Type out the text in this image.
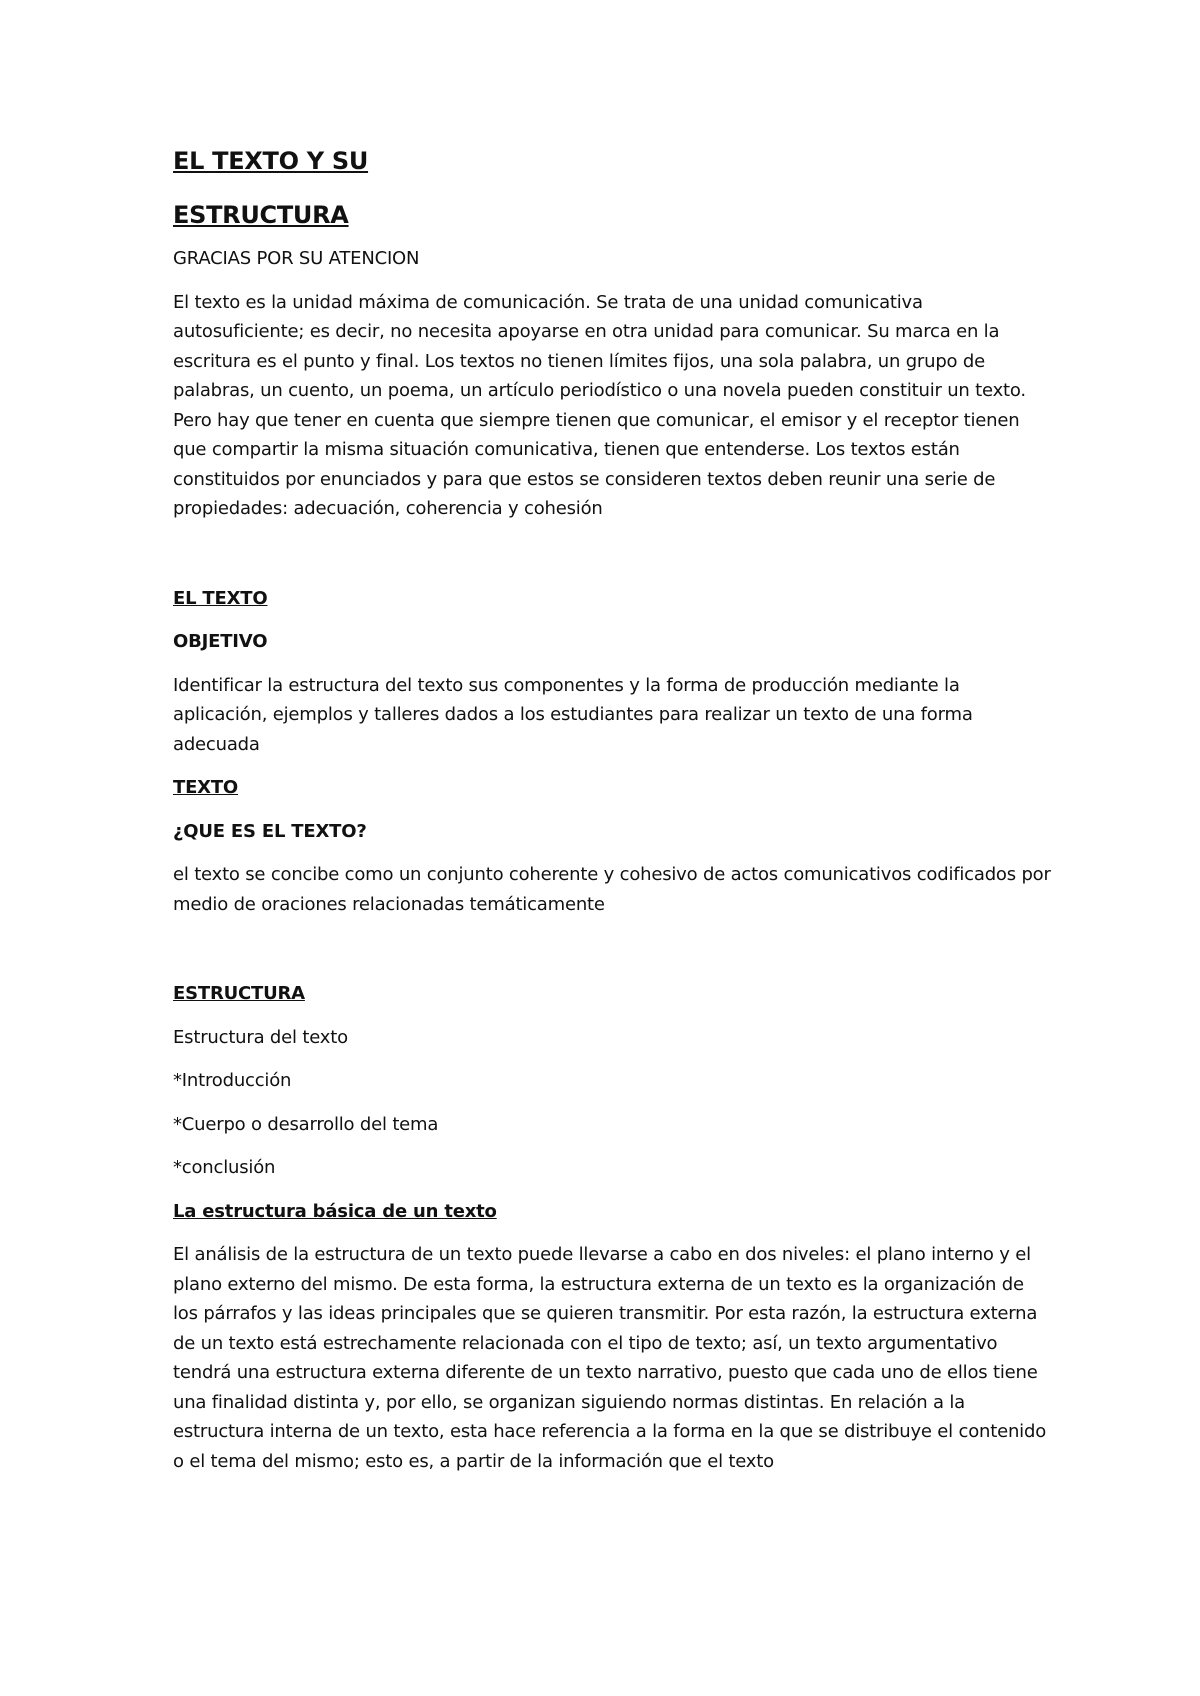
EL TEXTO Y SU

ESTRUCTURA

GRACIAS POR SU ATENCION

El texto es la unidad máxima de comunicación. Se trata de una unidad comunicativa autosuficiente; es decir, no necesita apoyarse en otra unidad para comunicar. Su marca en la escritura es el punto y final. Los textos no tienen límites fijos, una sola palabra, un grupo de palabras, un cuento, un poema, un artículo periodístico o una novela pueden constituir un texto. Pero hay que tener en cuenta que siempre tienen que comunicar, el emisor y el receptor tienen que compartir la misma situación comunicativa, tienen que entenderse. Los textos están constituidos por enunciados y para que estos se consideren textos deben reunir una serie de propiedades: adecuación, coherencia y cohesión

EL TEXTO

OBJETIVO

Identificar la estructura del texto sus componentes y la forma de producción mediante la aplicación, ejemplos y talleres dados a los estudiantes para realizar un texto de una forma adecuada

TEXTO

¿QUE ES EL TEXTO?

el texto se concibe como un conjunto coherente y cohesivo de actos comunicativos codificados por medio de oraciones relacionadas temáticamente

ESTRUCTURA

Estructura del texto

*Introducción

*Cuerpo o desarrollo del tema

*conclusión

La estructura básica de un texto

El análisis de la estructura de un texto puede llevarse a cabo en dos niveles: el plano interno y el plano externo del mismo. De esta forma, la estructura externa de un texto es la organización de los párrafos y las ideas principales que se quieren transmitir. Por esta razón, la estructura externa de un texto está estrechamente relacionada con el tipo de texto; así, un texto argumentativo tendrá una estructura externa diferente de un texto narrativo, puesto que cada uno de ellos tiene una finalidad distinta y, por ello, se organizan siguiendo normas distintas. En relación a la estructura interna de un texto, esta hace referencia a la forma en la que se distribuye el contenido o el tema del mismo; esto es, a partir de la información que el texto
